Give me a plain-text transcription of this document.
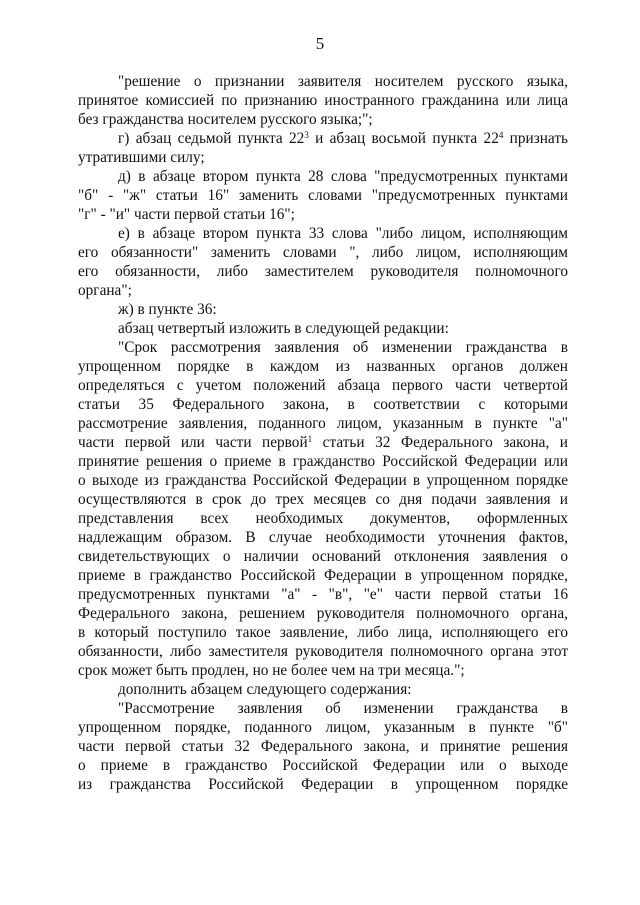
5
"решение о признании заявителя носителем русского языка,
принятое комиссией по признанию иностранного гражданина или лица
без гражданства носителем русского языка;";
г) абзац седьмой пункта $22^3$ и абзац восьмой пункта $22^4$ признать
утратившими силу;
д) в абзаце втором пункта 28 слова "предусмотренных пунктами
"б" - "ж" статьи 16" заменить словами "предусмотренных пунктами
"г" - "и" части первой статьи 16";
е) в абзаце втором пункта 33 слова "либо лицом, исполняющим
его обязанности" заменить словами ", либо лицом, исполняющим
его обязанности, либо заместителем руководителя полномочного
органа";
ж) в пункте 36:
абзац четвертый изложить в следующей редакции:
"Срок рассмотрения заявления об изменении гражданства в
упрощенном порядке в каждом из названных органов должен
определяться с учетом положений абзаца первого части четвертой
статьи 35 Федерального закона, в соответствии с которыми
рассмотрение заявления, поданного лицом, указанным в пункте "а"
части первой или части первой$^1$ статьи 32 Федерального закона, и
принятие решения о приеме в гражданство Российской Федерации или
о выходе из гражданства Российской Федерации в упрощенном порядке
осуществляются в срок до трех месяцев со дня подачи заявления и
представления всех необходимых документов, оформленных
надлежащим образом. В случае необходимости уточнения фактов,
свидетельствующих о наличии оснований отклонения заявления о
приеме в гражданство Российской Федерации в упрощенном порядке,
предусмотренных пунктами "а" - "в", "е" части первой статьи 16
Федерального закона, решением руководителя полномочного органа,
в который поступило такое заявление, либо лица, исполняющего его
обязанности, либо заместителя руководителя полномочного органа этот
срок может быть продлен, но не более чем на три месяца.";
дополнить абзацем следующего содержания:
"Рассмотрение заявления об изменении гражданства в
упрощенном порядке, поданного лицом, указанным в пункте "б"
части первой статьи 32 Федерального закона, и принятие решения
о приеме в гражданство Российской Федерации или о выходе
из гражданства Российской Федерации в упрощенном порядке
